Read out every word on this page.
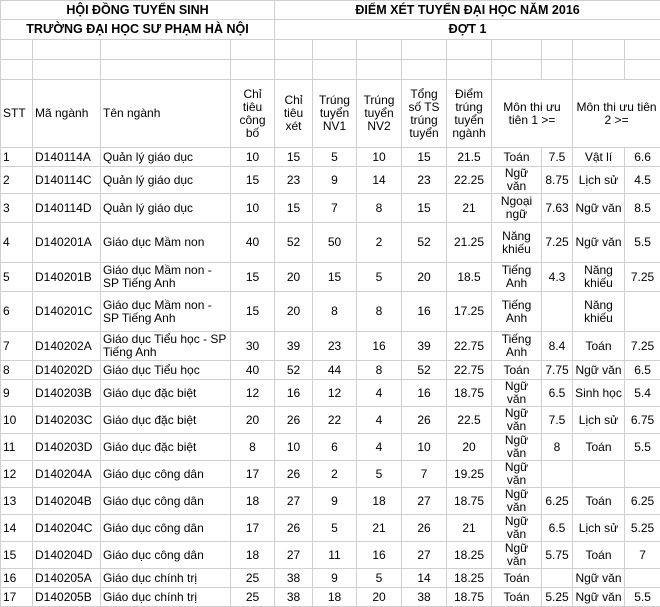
HỘI ĐỒNG TUYỂN SINH				ĐIỂM XÉT TUYỂN ĐẠI HỌC NĂM 2016								
TRƯỜNG ĐẠI HỌC SƯ PHẠM HÀ NỘI				ĐỢT 1								

STT	Mã ngành	Tên ngành	Chỉ tiêu công bố	Chỉ tiêu xét	Trúng tuyển NV1	Trúng tuyển NV2	Tổng số TS trúng tuyển	Điểm trúng tuyển ngành	Môn thi ưu tiên 1 >=		Môn thi ưu tiên 2 >=	
1	D140114A	Quản lý giáo dục	10	15	5	10	15	21.5	Toán	7.5	Vật lí	6.6
2	D140114C	Quản lý giáo dục	15	23	9	14	23	22.25	Ngữ văn	8.75	Lịch sử	4.5
3	D140114D	Quản lý giáo dục	10	15	7	8	15	21	Ngoại ngữ	7.63	Ngữ văn	8.5
4	D140201A	Giáo dục Mầm non	40	52	50	2	52	21.25	Năng khiếu	7.25	Ngữ văn	5.5
5	D140201B	Giáo dục Mầm non - SP Tiếng Anh	15	20	15	5	20	18.5	Tiếng Anh	4.3	Năng khiếu	7.25
6	D140201C	Giáo dục Mầm non - SP Tiếng Anh	15	20	8	8	16	17.25	Tiếng Anh		Năng khiếu	
7	D140202A	Giáo dục Tiểu học - SP Tiếng Anh	30	39	23	16	39	22.75	Tiếng Anh	8.4	Toán	7.25
8	D140202D	Giáo dục Tiểu học	40	52	44	8	52	22.75	Toán	7.75	Ngữ văn	6.5
9	D140203B	Giáo dục đặc biệt	12	16	12	4	16	18.75	Ngữ văn	6.5	Sinh học	5.4
10	D140203C	Giáo dục đặc biệt	20	26	22	4	26	22.5	Ngữ văn	7.5	Lịch sử	6.75
11	D140203D	Giáo dục đặc biệt	8	10	6	4	10	20	Ngữ văn	8	Toán	5.5
12	D140204A	Giáo dục công dân	17	26	2	5	7	19.25	Ngữ văn			
13	D140204B	Giáo dục công dân	18	27	9	18	27	18.75	Ngữ văn	6.25	Toán	6.25
14	D140204C	Giáo dục công dân	17	26	5	21	26	21	Ngữ văn	6.5	Lịch sử	5.25
15	D140204D	Giáo dục công dân	18	27	11	16	27	18.25	Ngữ văn	5.75	Toán	7
16	D140205A	Giáo dục chính trị	25	38	9	5	14	18.25	Toán		Ngữ văn	
17	D140205B	Giáo dục chính trị	25	38	18	20	38	18.75	Toán	5.25	Ngữ văn	5.5
